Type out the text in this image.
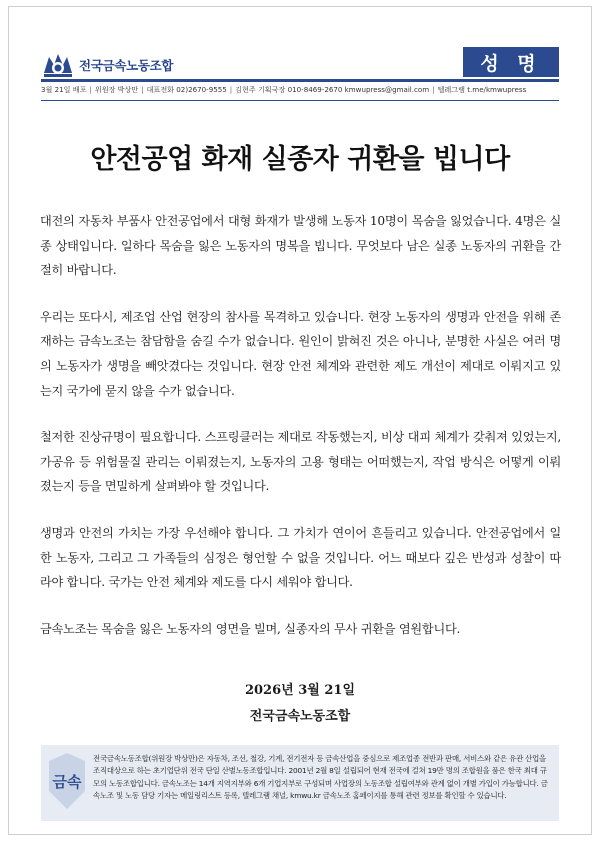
전국금속노동조합	성 명
3월 21일 배포	| 위원장 박상만	| 대표전화 02)2670-9555	| 김현주 기획국장 010-8469-2670 kmwupress@gmail.com	| 텔레그램 t.me/kmwupress
안전공업 화재 실종자 귀환을 빕니다

대전의 자동차 부품사 안전공업에서 대형 화재가 발생해 노동자 10명이 목숨을 잃었습니다. 4명은 실종 상태입니다. 일하다 목숨을 잃은 노동자의 명복을 빕니다. 무엇보다 남은 실종 노동자의 귀환을 간절히 바랍니다.

우리는 또다시, 제조업 산업 현장의 참사를 목격하고 있습니다. 현장 노동자의 생명과 안전을 위해 존재하는 금속노조는 참담함을 숨길 수가 없습니다. 원인이 밝혀진 것은 아니나, 분명한 사실은 여러 명의 노동자가 생명을 빼앗겼다는 것입니다. 현장 안전 체계와 관련한 제도 개선이 제대로 이뤄지고 있는지 국가에 묻지 않을 수가 없습니다.

철저한 진상규명이 필요합니다. 스프링클러는 제대로 작동했는지, 비상 대피 체계가 갖춰져 있었는지, 가공유 등 위험물질 관리는 이뤄졌는지, 노동자의 고용 형태는 어떠했는지, 작업 방식은 어떻게 이뤄졌는지 등을 면밀하게 살펴봐야 할 것입니다.

생명과 안전의 가치는 가장 우선해야 합니다. 그 가치가 연이어 흔들리고 있습니다. 안전공업에서 일한 노동자, 그리고 그 가족들의 심정은 형언할 수 없을 것입니다. 어느 때보다 깊은 반성과 성찰이 따라야 합니다. 국가는 안전 체계와 제도를 다시 세워야 합니다.

금속노조는 목숨을 잃은 노동자의 영면을 빌며, 실종자의 무사 귀환을 염원합니다.

2026년 3월 21일
전국금속노동조합
금속
전국금속노동조합(위원장 박상만)은 자동차, 조선, 철강, 기계, 전기전자 등 금속산업을 중심으로 제조업종 전반과 판매, 서비스와 같은 유관 산업을 조직대상으로 하는 초기업단위 전국 단일 산별노동조합입니다. 2001년 2월 8일 설립되어 현재 전국에 걸쳐 19만 명의 조합원을 품은 한국 최대 규모의 노동조합입니다. 금속노조는 14개 지역지부와 6개 기업지부로 구성되며 사업장의 노동조합 설립여부와 관계 없이 개별 가입이 가능합니다. 금속노조 및 노동 담당 기자는 메일링리스트 등록, 텔레그램 채널, kmwu.kr 금속노조 홈페이지를 통해 관련 정보를 확인할 수 있습니다.
